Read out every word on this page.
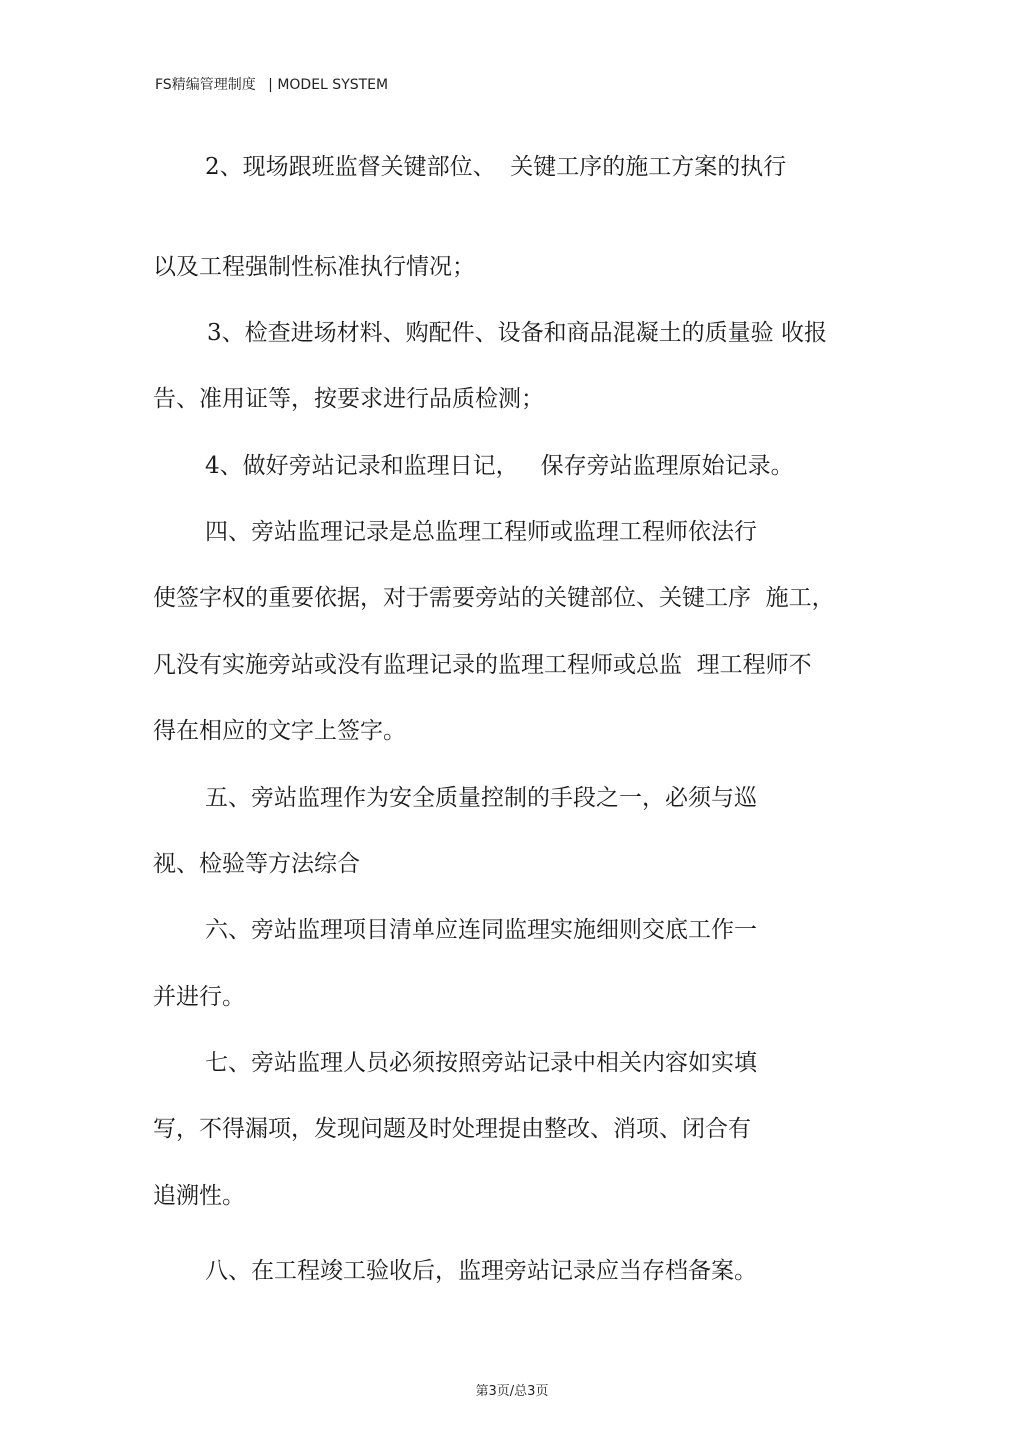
FS精编管理制度 | MODEL SYSTEM
2、现场跟班监督关键部位、  关键工序的施工方案的执行
以及工程强制性标准执行情况；
3、检查进场材料、购配件、设备和商品混凝土的质量验 收报
告、准用证等，按要求进行品质检测；
4、做好旁站记录和监理日记，   保存旁站监理原始记录。
四、旁站监理记录是总监理工程师或监理工程师依法行
使签字权的重要依据，对于需要旁站的关键部位、关键工序  施工，
凡没有实施旁站或没有监理记录的监理工程师或总监  理工程师不
得在相应的文字上签字。
五、旁站监理作为安全质量控制的手段之一，必须与巡
视、检验等方法综合
六、旁站监理项目清单应连同监理实施细则交底工作一
并进行。
七、旁站监理人员必须按照旁站记录中相关内容如实填
写，不得漏项，发现问题及时处理提由整改、消项、闭合有
追溯性。
八、在工程竣工验收后，监理旁站记录应当存档备案。
第3页/总3页
